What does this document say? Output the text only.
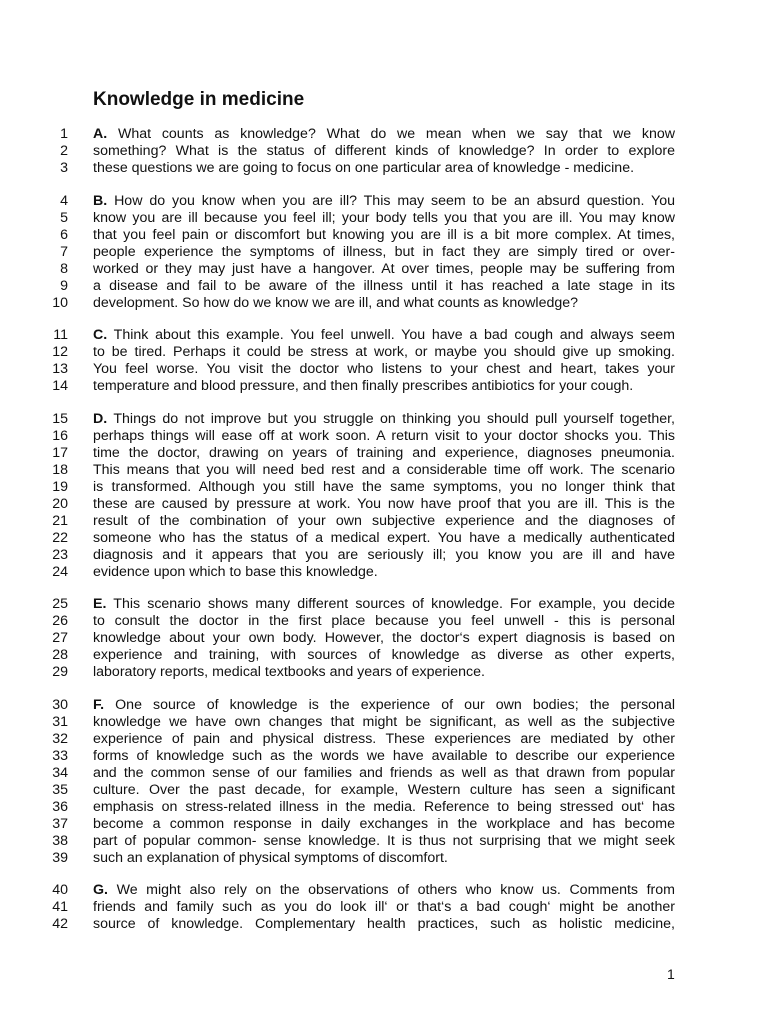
Knowledge in medicine
1 A. What counts as knowledge? What do we mean when we say that we know
2 something? What is the status of different kinds of knowledge? In order to explore
3 these questions we are going to focus on one particular area of knowledge - medicine.
4 B. How do you know when you are ill? This may seem to be an absurd question. You
5 know you are ill because you feel ill; your body tells you that you are ill. You may know
6 that you feel pain or discomfort but knowing you are ill is a bit more complex. At times,
7 people experience the symptoms of illness, but in fact they are simply tired or over-
8 worked or they may just have a hangover. At over times, people may be suffering from
9 a disease and fail to be aware of the illness until it has reached a late stage in its
10 development. So how do we know we are ill, and what counts as knowledge?
11 C. Think about this example. You feel unwell. You have a bad cough and always seem
12 to be tired. Perhaps it could be stress at work, or maybe you should give up smoking.
13 You feel worse. You visit the doctor who listens to your chest and heart, takes your
14 temperature and blood pressure, and then finally prescribes antibiotics for your cough.
15 D. Things do not improve but you struggle on thinking you should pull yourself together,
16 perhaps things will ease off at work soon. A return visit to your doctor shocks you. This
17 time the doctor, drawing on years of training and experience, diagnoses pneumonia.
18 This means that you will need bed rest and a considerable time off work. The scenario
19 is transformed. Although you still have the same symptoms, you no longer think that
20 these are caused by pressure at work. You now have proof that you are ill. This is the
21 result of the combination of your own subjective experience and the diagnoses of
22 someone who has the status of a medical expert. You have a medically authenticated
23 diagnosis and it appears that you are seriously ill; you know you are ill and have
24 evidence upon which to base this knowledge.
25 E. This scenario shows many different sources of knowledge. For example, you decide
26 to consult the doctor in the first place because you feel unwell - this is personal
27 knowledge about your own body. However, the doctor‘s expert diagnosis is based on
28 experience and training, with sources of knowledge as diverse as other experts,
29 laboratory reports, medical textbooks and years of experience.
30 F. One source of knowledge is the experience of our own bodies; the personal
31 knowledge we have own changes that might be significant, as well as the subjective
32 experience of pain and physical distress. These experiences are mediated by other
33 forms of knowledge such as the words we have available to describe our experience
34 and the common sense of our families and friends as well as that drawn from popular
35 culture. Over the past decade, for example, Western culture has seen a significant
36 emphasis on stress-related illness in the media. Reference to being stressed out‘ has
37 become a common response in daily exchanges in the workplace and has become
38 part of popular common- sense knowledge. It is thus not surprising that we might seek
39 such an explanation of physical symptoms of discomfort.
40 G. We might also rely on the observations of others who know us. Comments from
41 friends and family such as you do look ill‘ or that‘s a bad cough‘ might be another
42 source of knowledge. Complementary health practices, such as holistic medicine,
1
